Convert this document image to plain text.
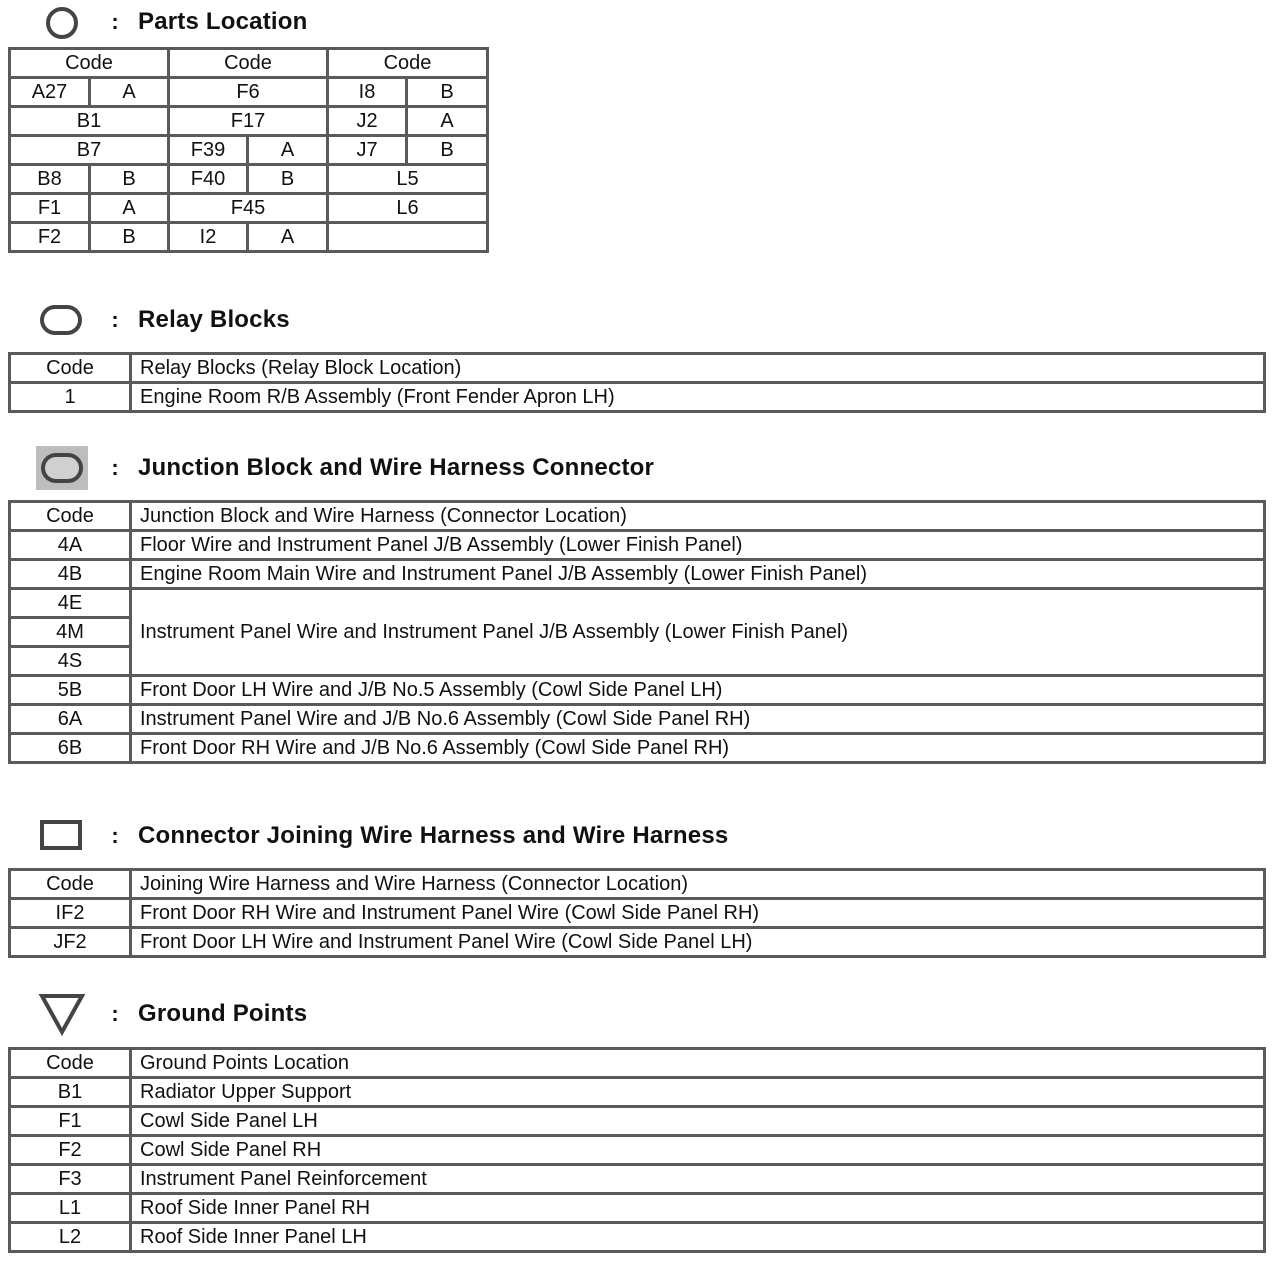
: Parts Location
Code		Code		Code	
A27	A	F6		I8	B
B1		F17		J2	A
B7		F39	A	J7	B
B8	B	F40	B	L5	
F1	A	F45		L6	
F2	B	I2	A		
: Relay Blocks
Code	Relay Blocks (Relay Block Location)
1	Engine Room R/B Assembly (Front Fender Apron LH)
: Junction Block and Wire Harness Connector
Code	Junction Block and Wire Harness (Connector Location)
4A	Floor Wire and Instrument Panel J/B Assembly (Lower Finish Panel)
4B	Engine Room Main Wire and Instrument Panel J/B Assembly (Lower Finish Panel)
4E	Instrument Panel Wire and Instrument Panel J/B Assembly (Lower Finish Panel)
4M	
4S	
5B	Front Door LH Wire and J/B No.5 Assembly (Cowl Side Panel LH)
6A	Instrument Panel Wire and J/B No.6 Assembly (Cowl Side Panel RH)
6B	Front Door RH Wire and J/B No.6 Assembly (Cowl Side Panel RH)
: Connector Joining Wire Harness and Wire Harness
Code	Joining Wire Harness and Wire Harness (Connector Location)
IF2	Front Door RH Wire and Instrument Panel Wire (Cowl Side Panel RH)
JF2	Front Door LH Wire and Instrument Panel Wire (Cowl Side Panel LH)
: Ground Points
Code	Ground Points Location
B1	Radiator Upper Support
F1	Cowl Side Panel LH
F2	Cowl Side Panel RH
F3	Instrument Panel Reinforcement
L1	Roof Side Inner Panel RH
L2	Roof Side Inner Panel LH
